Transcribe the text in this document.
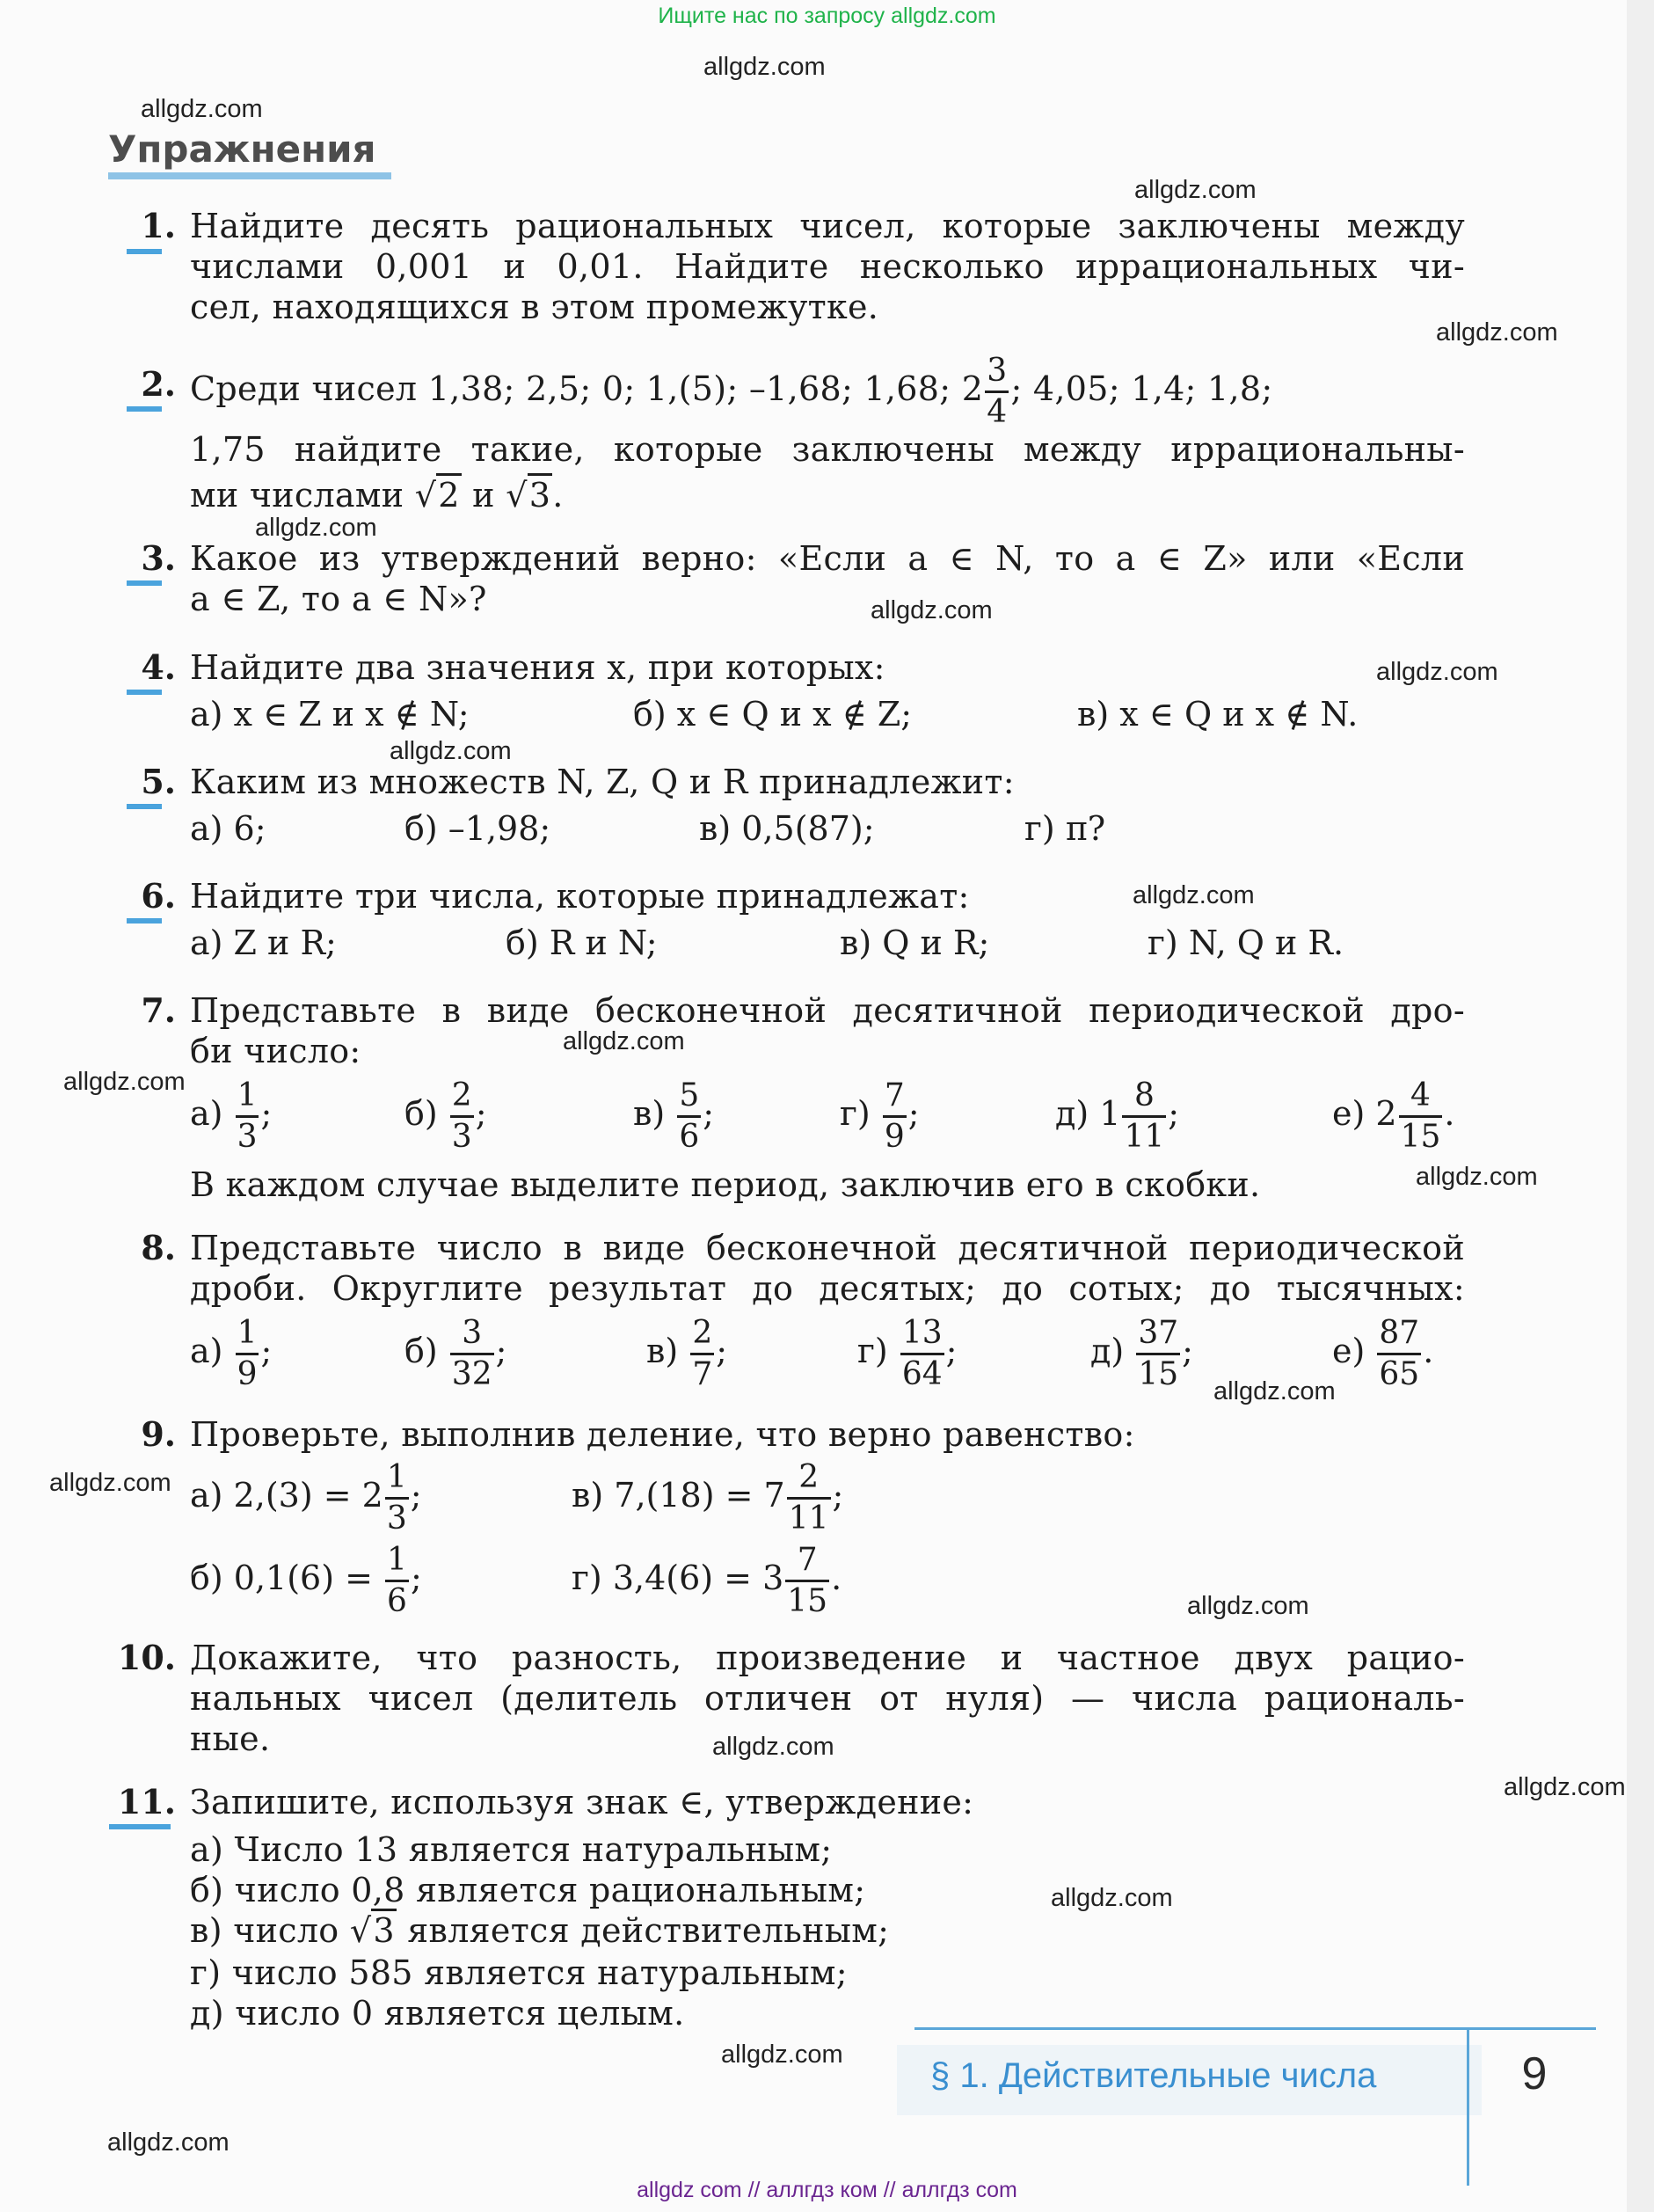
Ищите нас по запросу allgdz.com
allgdz.com
allgdz.com
allgdz.com
allgdz.com
allgdz.com
allgdz.com
allgdz.com
allgdz.com
allgdz.com
allgdz.com
allgdz.com
allgdz.com
allgdz.com
allgdz.com
allgdz.com
allgdz.com
allgdz.com
allgdz.com
allgdz.com
allgdz.com
Упражнения
1. Найдите десять рациональных чисел, которые заключены между
числами 0,001 и 0,01. Найдите несколько иррациональных чи-
сел, находящихся в этом промежутке.
2. Среди чисел 1,38; 2,5; 0; 1,(5); –1,68; 1,68; $2 \frac{3}{4}$ ; 4,05; 1,4; 1,8;
1,75 найдите такие, которые заключены между иррациональны-
ми числами √2 и √3.
3. Какое из утверждений верно: «Если a ∈ N, то a ∈ Z» или «Если
a ∈ Z, то a ∈ N»?
4. Найдите два значения x, при которых:
а) x ∈ Z и x ∉ N;	б) x ∈ Q и x ∉ Z;	в) x ∈ Q и x ∉ N.
5. Каким из множеств N, Z, Q и R принадлежит:
а) 6;	б) –1,98;	в) 0,5(87);	г) π?
6. Найдите три числа, которые принадлежат:
а) Z и R;	б) R и N;	в) Q и R;	г) N, Q и R.
7. Представьте в виде бесконечной десятичной периодической дро-
би число:
$а) \frac{1}{3}$ ;	$б) \frac{2}{3}$ ;	$в) \frac{5}{6}$ ;	$г) \frac{7}{9}$ ;	д) $1 \frac{8}{11}$ ;	е) $2 \frac{4}{15}$ .
В каждом случае выделите период, заключив его в скобки.
8. Представьте число в виде бесконечной десятичной периодической
дроби. Округлите результат до десятых; до сотых; до тысячных:
$а) \frac{1}{9}$ ;	$б) \frac{3}{32}$ ;	$в) \frac{2}{7}$ ;	$г) \frac{13}{64}$ ;	$д) \frac{37}{15}$ ;	$е) \frac{87}{65}$ .
9. Проверьте, выполнив деление, что верно равенство:
а) $2,(3) = 2 \frac{1}{3}$ ;	в) $7,(18) = 7 \frac{2}{11}$ ;
б) $0,1(6) = \frac{1}{6}$ ;	г) $3,4(6) = 3 \frac{7}{15}$ .
10. Докажите, что разность, произведение и частное двух рацио-
нальных чисел (делитель отличен от нуля) — числа рациональ-
ные.
11. Запишите, используя знак ∈, утверждение:
а) Число 13 является натуральным;
б) число 0,8 является рациональным;
в) число √3 является действительным;
г) число 585 является натуральным;
д) число 0 является целым.
§ 1. Действительные числа	9
allgdz com // аллгдз ком // аллгдз com
